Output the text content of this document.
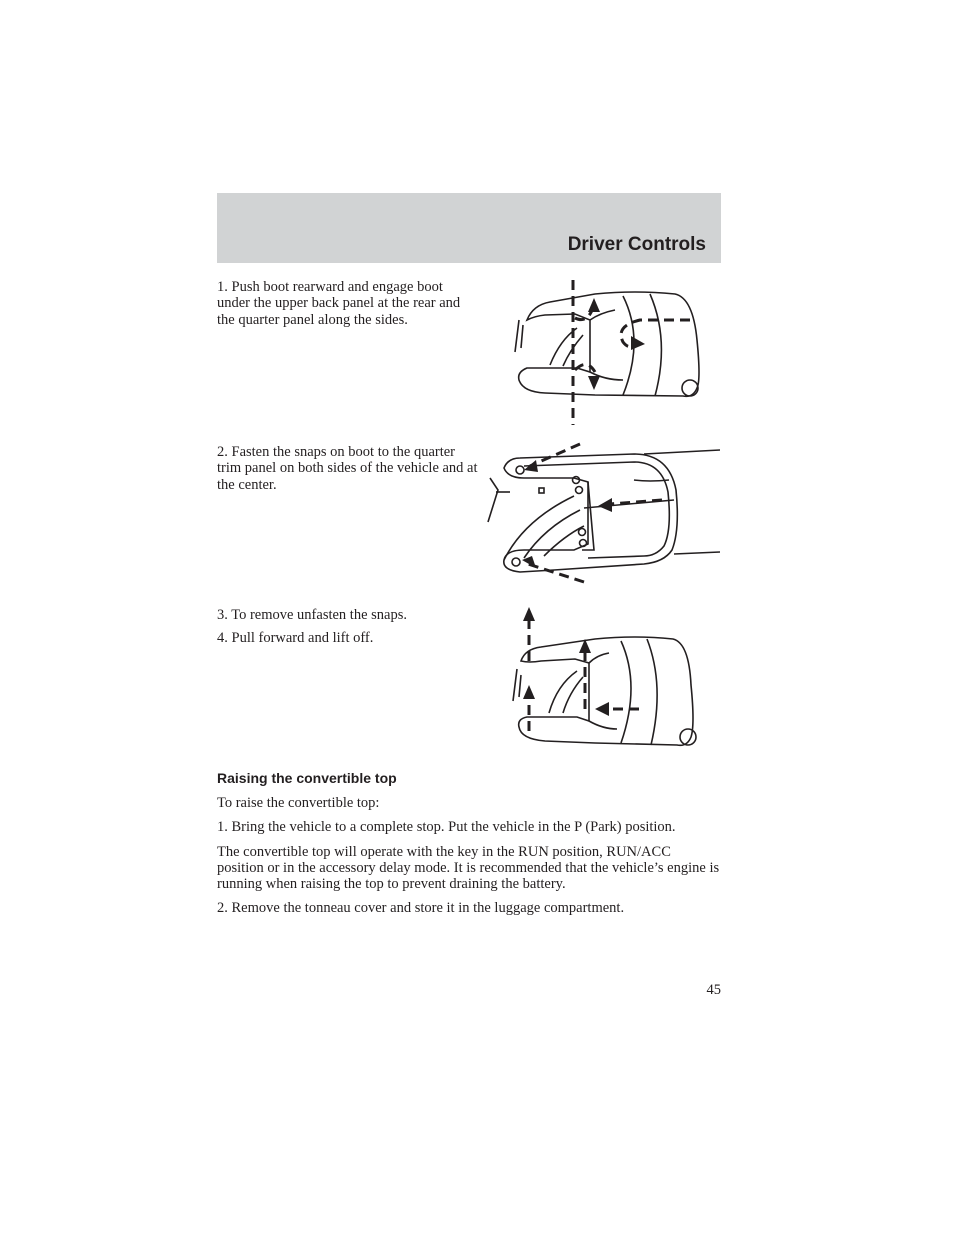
Driver Controls

1. Push boot rearward and engage boot under the upper back panel at the rear and the quarter panel along the sides.

2. Fasten the snaps on boot to the quarter trim panel on both sides of the vehicle and at the center.

3. To remove unfasten the snaps.

4. Pull forward and lift off.

Raising the convertible top

To raise the convertible top:

1. Bring the vehicle to a complete stop. Put the vehicle in the P (Park) position.

The convertible top will operate with the key in the RUN position, RUN/ACC position or in the accessory delay mode. It is recommended that the vehicle’s engine is running when raising the top to prevent draining the battery.

2. Remove the tonneau cover and store it in the luggage compartment.

45
